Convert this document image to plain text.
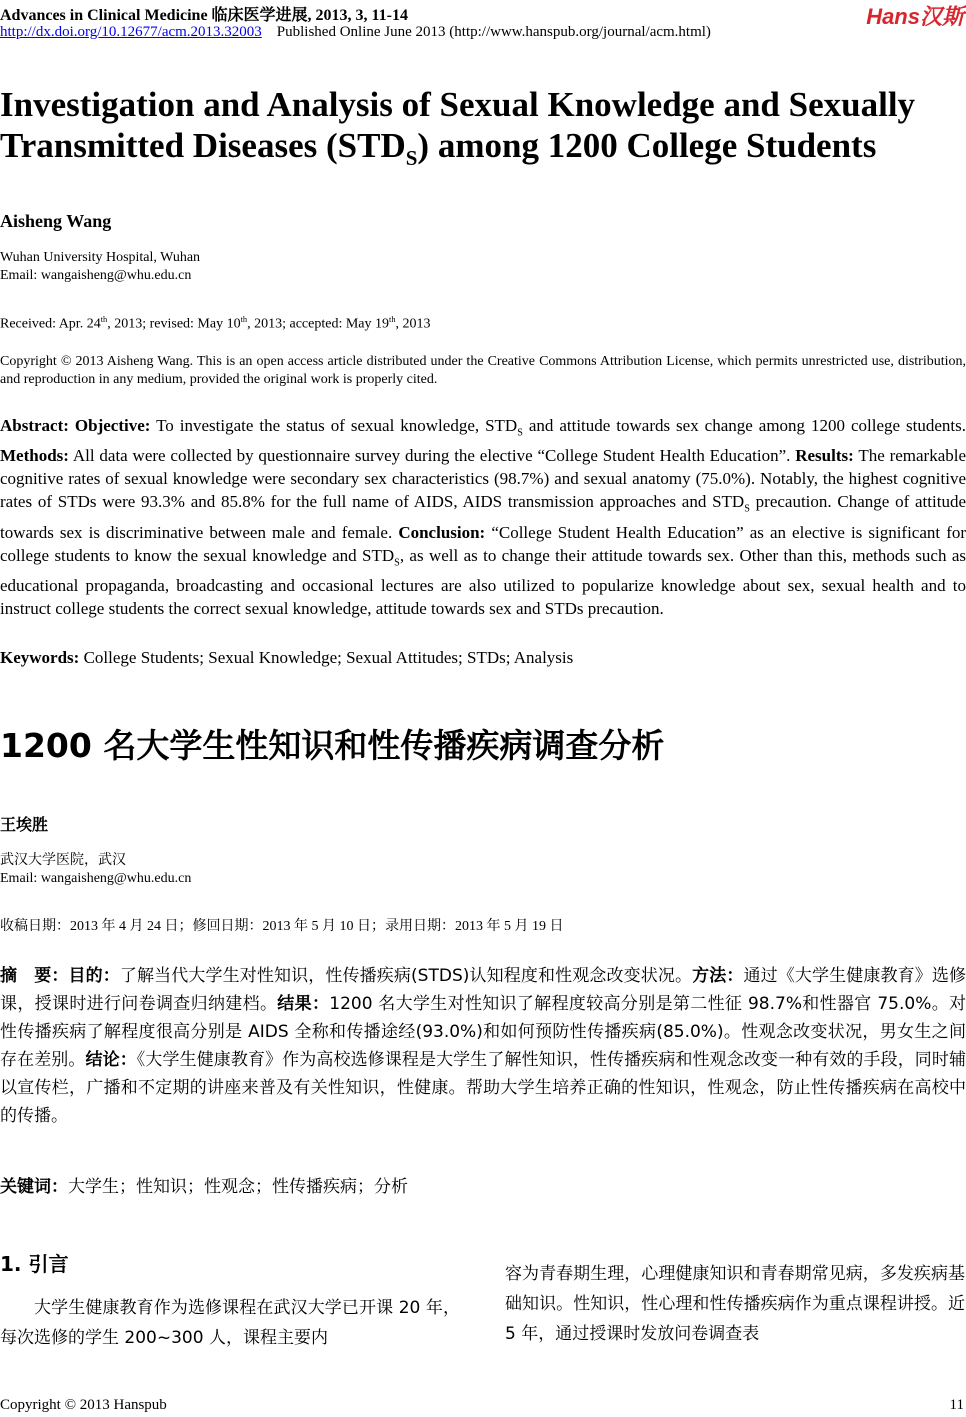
Advances in Clinical Medicine 临床医学进展, 2013, 3, 11-14
http://dx.doi.org/10.12677/acm.2013.32003 Published Online June 2013 (http://www.hanspub.org/journal/acm.html)
Hans汉斯
Investigation and Analysis of Sexual Knowledge and Sexually Transmitted Diseases $(STD_S)$ among 1200 College Students
Aisheng Wang
Wuhan University Hospital, Wuhan
Email: wangaisheng@whu.edu.cn
Received: Apr. 24th, 2013; revised: May 10th, 2013; accepted: May 19th, 2013
Copyright © 2013 Aisheng Wang. This is an open access article distributed under the Creative Commons Attribution License, which permits unrestricted use, distribution, and reproduction in any medium, provided the original work is properly cited.
Abstract: Objective: To investigate the status of sexual knowledge, $STD_S$ and attitude towards sex change among 1200 college students. Methods: All data were collected by questionnaire survey during the elective “College Student Health Education”. Results: The remarkable cognitive rates of sexual knowledge were secondary sex characteristics (98.7%) and sexual anatomy (75.0%). Notably, the highest cognitive rates of STDs were 93.3% and 85.8% for the full name of AIDS, AIDS transmission approaches and $STD_S$ precaution. Change of attitude towards sex is discriminative between male and female. Conclusion: “College Student Health Education” as an elective is significant for college students to know the sexual knowledge and $STD_S$, as well as to change their attitude towards sex. Other than this, methods such as educational propaganda, broadcasting and occasional lectures are also utilized to popularize knowledge about sex, sexual health and to instruct college students the correct sexual knowledge, attitude towards sex and STDs precaution.
Keywords: College Students; Sexual Knowledge; Sexual Attitudes; STDs; Analysis
1200 名大学生性知识和性传播疾病调查分析
王埃胜
武汉大学医院，武汉
Email: wangaisheng@whu.edu.cn
收稿日期：2013 年 4 月 24 日；修回日期：2013 年 5 月 10 日；录用日期：2013 年 5 月 19 日
摘　要：目的：了解当代大学生对性知识，性传播疾病(STDS)认知程度和性观念改变状况。方法：通过《大学生健康教育》选修课，授课时进行问卷调查归纳建档。结果：1200 名大学生对性知识了解程度较高分别是第二性征 98.7%和性器官 75.0%。对性传播疾病了解程度很高分别是 AIDS 全称和传播途经(93.0%)和如何预防性传播疾病(85.0%)。性观念改变状况，男女生之间存在差别。结论：《大学生健康教育》作为高校选修课程是大学生了解性知识，性传播疾病和性观念改变一种有效的手段，同时辅以宣传栏，广播和不定期的讲座来普及有关性知识，性健康。帮助大学生培养正确的性知识，性观念，防止性传播疾病在高校中的传播。
关键词：大学生；性知识；性观念；性传播疾病；分析
1. 引言
大学生健康教育作为选修课程在武汉大学已开课 20 年，每次选修的学生 200~300 人，课程主要内
容为青春期生理，心理健康知识和青春期常见病，多发疾病基础知识。性知识，性心理和性传播疾病作为重点课程讲授。近 5 年，通过授课时发放问卷调查表
Copyright © 2013 Hanspub	11
